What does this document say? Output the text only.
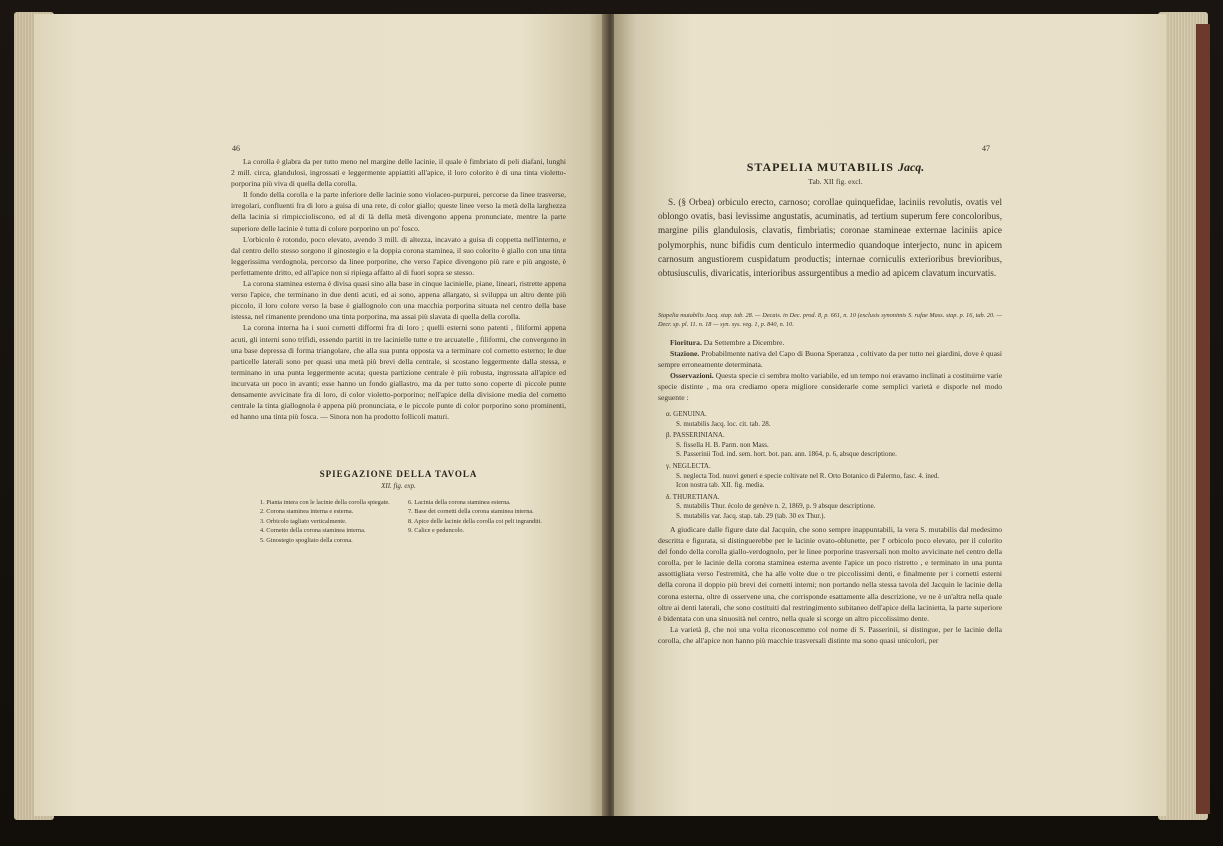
46

La corolla è glabra da per tutto meno nel margine delle lacinie, il quale è fimbriato di peli diafani, lunghi 2 mill. circa, glandulosi, ingrossati e leggermente appiattiti all'apice, il loro colorito è di una tinta violetto-porporina più viva di quella della corolla.

Il fondo della corolla e la parte inferiore delle lacinie sono violaceo-purpurei, percorse da linee trasverse, irregolari, confluenti fra di loro a guisa di una rete, di color giallo; queste linee verso la metà della larghezza della lacinia si rimpiccioliscono, ed al di là della metà divengono appena pronunciate, mentre la parte superiore delle lacinie è tutta di colore porporino un po' fosco.

L'orbicolo è rotondo, poco elevato, avendo 3 mill. di altezza, incavato a guisa di coppetta nell'interno, e dal centro dello stesso sorgono il ginostegio e la doppia corona staminea, il suo colorito è giallo con una tinta leggerissima verdognola, percorso da linee porporine, che verso l'apice divengono più rare e più angoste, è perfettamente dritto, ed all'apice non si ripiega affatto al di fuori sopra se stesso.

La corona staminea esterna è divisa quasi sino alla base in cinque lacinielle, piane, lineari, ristrette appena verso l'apice, che terminano in due denti acuti, ed ai sono, appena allargato, si sviluppa un altro dente più piccolo, il loro colore verso la base è giallognolo con una macchia porporina situata nel centro della base istessa, nel rimanente prendono una tinta porporina, ma assai più slavata di quella della corolla.

La corona interna ha i suoi cornetti difformi fra di loro ; quelli esterni sono patenti , filiformi appena acuti, gli interni sono trifidi, essendo partiti in tre lacinielle tutte e tre arcuatelle , filiformi, che convergono in una base depressa di forma triangolare, che alla sua punta opposta va a terminare col cornetto esterno; le due particelle laterali sono per quasi una metà più brevi della centrale, si scostano leggermente dalla stessa, e terminano in una punta leggermente acuta; questa partizione centrale è più robusta, ingrossata all'apice ed incurvata un poco in avanti; esse hanno un fondo giallastro, ma da per tutto sono coperte di piccole punte densamente avvicinate fra di loro, di color violetto-porporino; nell'apice della divisione media del cornetto centrale la tinta giallognola è appena più pronunciata, e le piccole punte di color porporino sono prominenti, ed hanno una tinta più fosca. — Sinora non ha prodotto follicoli maturi.

SPIEGAZIONE DELLA TAVOLA
XII. fig. exp.
1. Pianta intera con le lacinie della corolla spiegate.
2. Corona staminea interna e esterna.
3. Orbicolo tagliato verticalmente.
4. Cornetto della corona staminea interna.
5. Ginostegio spogliato della corona.
6. Lacinia della corona staminea esterna.
7. Base dei cornetti della corona staminea interna.
8. Apice delle lacinie della corolla coi peli ingranditi.
9. Calice e peduncolo.
47
STAPELIA MUTABILIS Jacq.
Tab. XII fig. excl.

S. (§ Orbea) orbiculo erecto, carnoso; corollae quinquefidae, laciniis revolutis, ovatis vel oblongo ovatis, basi levissime angustatis, acuminatis, ad tertium superum fere concoloribus, margine pilis glandulosis, clavatis, fimbriatis; coronae stamineae externae laciniis apice polymorphis, nunc bifidis cum denticulo intermedio quandoque interjecto, nunc in apicem carnosum angustiorem cuspidatum productis; internae corniculis exterioribus brevioribus, obtusiusculis, divaricatis, interioribus assurgentibus a medio ad apicem clavatum incurvatis.

Stapelia mutabilis Jacq. stap. tab. 28. — Decais. in Dec. prod. 8, p. 661, n. 10 (exclusis synonimis S. rufae Mass. stap. p. 16, tab. 20. — Decr. sp. pl. 11. n. 18 — syn. sys. veg. 1, p. 840, n. 10.

Fioritura. Da Settembre a Dicembre.

Stazione. Probabilmente nativa del Capo di Buona Speranza , coltivato da per tutto nei giardini, dove è quasi sempre erroneamente determinata.

Osservazioni. Questa specie ci sembra molto variabile, ed un tempo noi eravamo inclinati a costituirne varie specie distinte , ma ora crediamo opera migliore considerarle come semplici varietà e disporle nel modo seguente :

α. GENUINA.
S. mutabilis Jacq. loc. cit. tab. 28.
β. PASSERINIANA.
S. fissella H. B. Parm. non Mass.
S. Passerinii Tod. ind. sem. hort. bot. pan. ann. 1864, p. 6, absque descriptione.
γ. NEGLECTA.
S. neglecta Tod. nuovi generi e specie coltivate nel R. Orto Botanico di Palermo, fasc. 4. ined.
Icon nostra tab. XII. fig. media.
δ. THURETIANA.
S. mutabilis Thur. écolo de genève n. 2, 1869, p. 9 absque descriptione.
S. mutabilis var. Jacq. stap. tab. 29 (tab. 30 ex Thur.).

A giudicare dalle figure date dal Jacquin, che sono sempre inappuntabili, la vera S. mutabilis dal medesimo descritta e figurata, si distinguerebbe per le lacinie ovato-oblunette, per l' orbicolo poco elevato, per il colorito del fondo della corolla giallo-verdognolo, per le linee porporine trasversali non molto avvicinate nel centro della corolla, per le lacinie della corona staminea esterna avente l'apice un poco ristretto , e terminato in una punta assottigliata verso l'estremità, che ha alle volte due o tre piccolissimi denti, e finalmente per i cornetti esterni della corona il doppio più brevi dei cornetti interni; non portando nella stessa tavola del Jacquin le lacinie della corona esterna, oltre di osservene una, che corrisponde esattamente alla descrizione, ve ne è un'altra nella quale oltre ai denti laterali, che sono costituiti dal restringimento subitaneo dell'apice della lacinietta, la parte superiore è bidentata con una sinuosità nel centro, nella quale si scorge un altro piccolissimo dente.

La varietà β, che noi una volta riconoscemmo col nome di S. Passerinii, si distingue, per le lacinie della corolla, che all'apice non hanno più macchie trasversali distinte ma sono quasi unicolori, per
